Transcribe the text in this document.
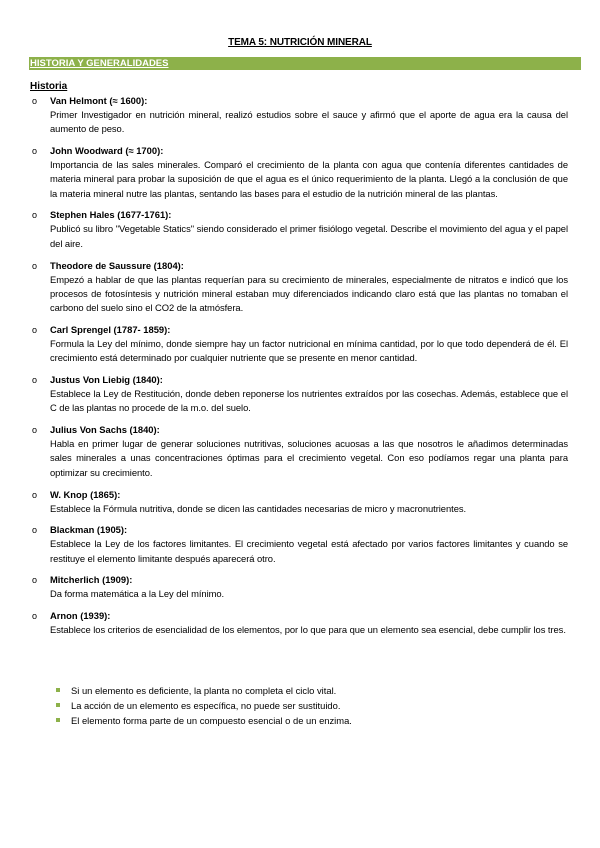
TEMA 5: NUTRICIÓN MINERAL
HISTORIA Y GENERALIDADES
Historia
o Van Helmont (≈ 1600):
Primer Investigador en nutrición mineral, realizó estudios sobre el sauce y afirmó que el aporte de agua era la causa del aumento de peso.
o John Woodward (≈ 1700):
Importancia de las sales minerales. Comparó el crecimiento de la planta con agua que contenía diferentes cantidades de materia mineral para probar la suposición de que el agua es el único requerimiento de la planta. Llegó a la conclusión de que la materia mineral nutre las plantas, sentando las bases para el estudio de la nutrición mineral de las plantas.
o Stephen Hales (1677-1761):
Publicó su libro "Vegetable Statics" siendo considerado el primer fisiólogo vegetal. Describe el movimiento del agua y el papel del aire.
o Theodore de Saussure (1804):
Empezó a hablar de que las plantas requerían para su crecimiento de minerales, especialmente de nitratos e indicó que los procesos de fotosíntesis y nutrición mineral estaban muy diferenciados indicando claro está que las plantas no tomaban el carbono del suelo sino el CO2 de la atmósfera.
o Carl Sprengel (1787- 1859):
Formula la Ley del mínimo, donde siempre hay un factor nutricional en mínima cantidad, por lo que todo dependerá de él. El crecimiento está determinado por cualquier nutriente que se presente en menor cantidad.
o Justus Von Liebig (1840):
Establece la Ley de Restitución, donde deben reponerse los nutrientes extraídos por las cosechas. Además, establece que el C de las plantas no procede de la m.o. del suelo.
o Julius Von Sachs (1840):
Habla en primer lugar de generar soluciones nutritivas, soluciones acuosas a las que nosotros le añadimos determinadas sales minerales a unas concentraciones óptimas para el crecimiento vegetal. Con eso podíamos regar una planta para optimizar su crecimiento.
o W. Knop (1865):
Establece la Fórmula nutritiva, donde se dicen las cantidades necesarias de micro y macronutrientes.
o Blackman (1905):
Establece la Ley de los factores limitantes. El crecimiento vegetal está afectado por varios factores limitantes y cuando se restituye el elemento limitante después aparecerá otro.
o Mitcherlich (1909):
Da forma matemática a la Ley del mínimo.
o Arnon (1939):
Establece los criterios de esencialidad de los elementos, por lo que para que un elemento sea esencial, debe cumplir los tres.
Si un elemento es deficiente, la planta no completa el ciclo vital.
La acción de un elemento es específica, no puede ser sustituido.
El elemento forma parte de un compuesto esencial o de un enzima.
